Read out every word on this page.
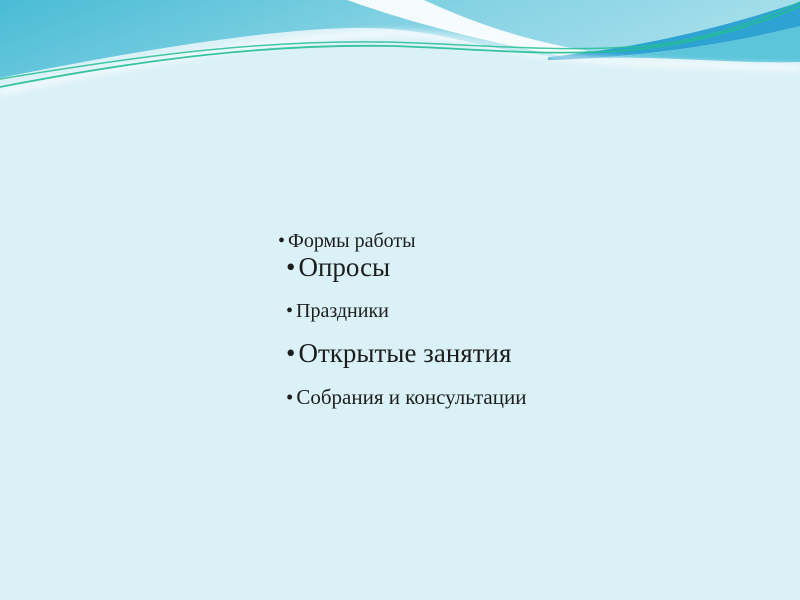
• Формы работы
• Опросы
• Праздники
• Открытые занятия
• Собрания и консультации
